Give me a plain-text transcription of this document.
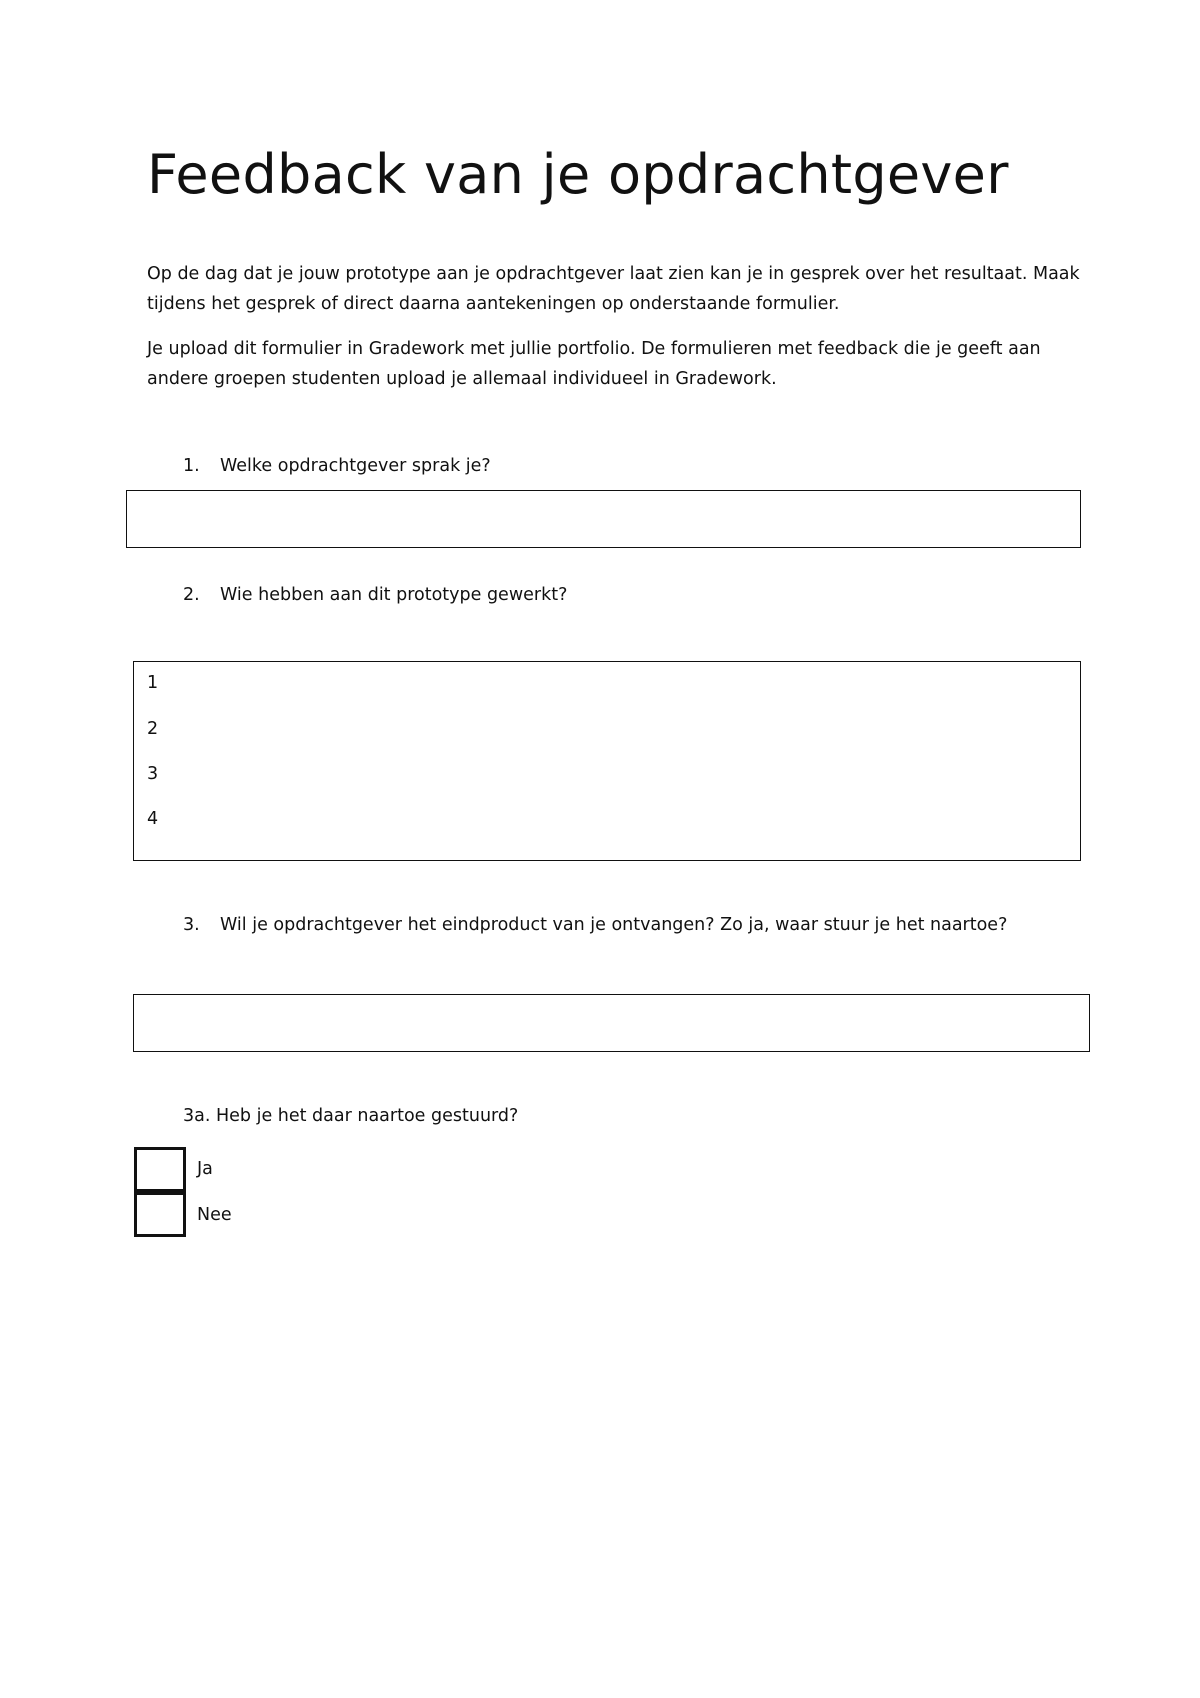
Feedback van je opdrachtgever

Op de dag dat je jouw prototype aan je opdrachtgever laat zien kan je in gesprek over het resultaat. Maak tijdens het gesprek of direct daarna aantekeningen op onderstaande formulier.

Je upload dit formulier in Gradework met jullie portfolio. De formulieren met feedback die je geeft aan andere groepen studenten upload je allemaal individueel in Gradework.

1. Welke opdrachtgever sprak je?
2. Wie hebben aan dit prototype gewerkt?
1
2
3
4
3. Wil je opdrachtgever het eindproduct van je ontvangen? Zo ja, waar stuur je het naartoe?
3a. Heb je het daar naartoe gestuurd?
Ja
Nee
